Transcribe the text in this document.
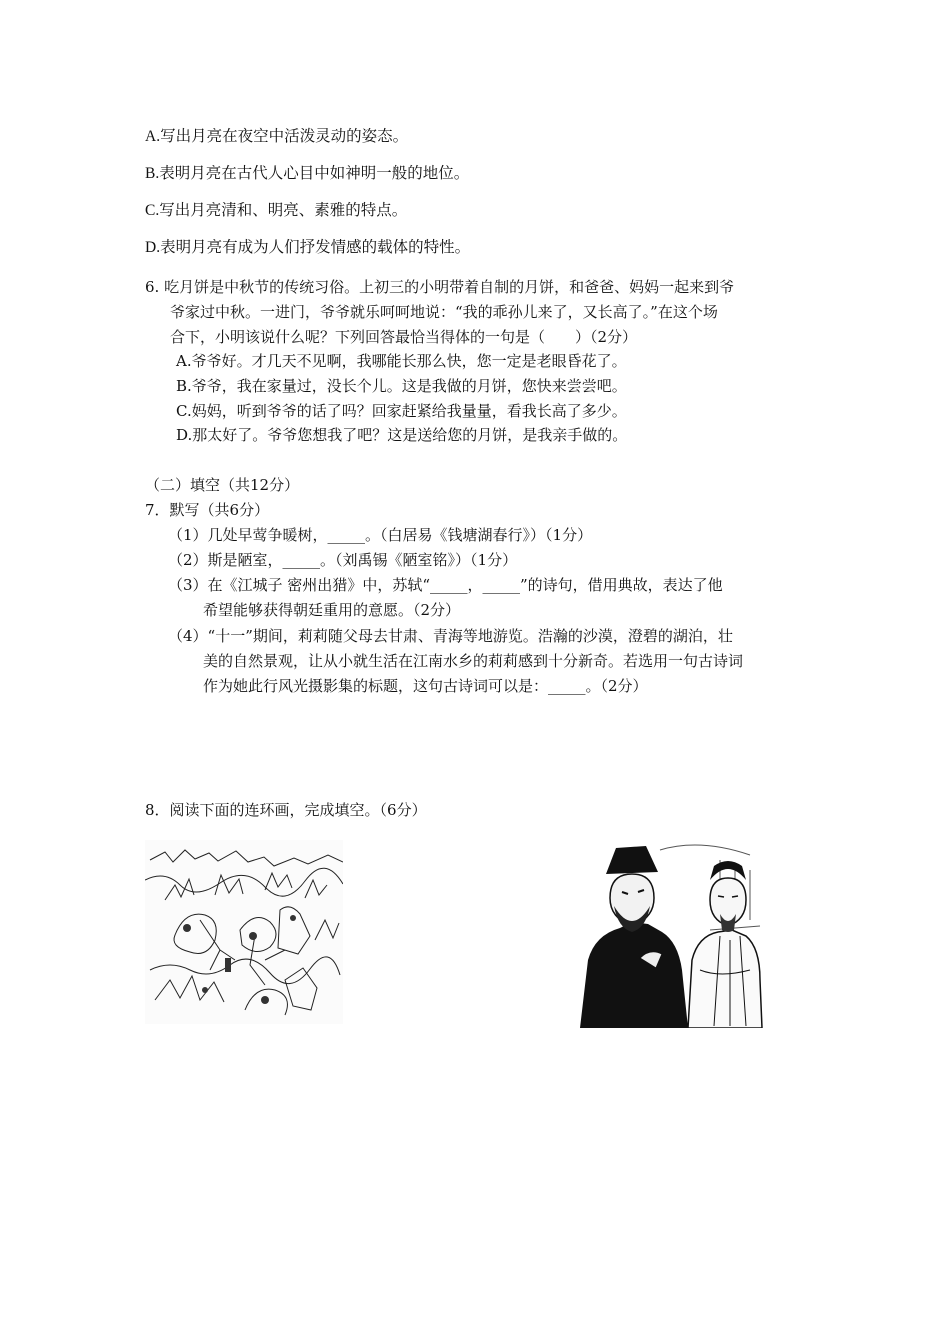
A.写出月亮在夜空中活泼灵动的姿态。
B.表明月亮在古代人心目中如神明一般的地位。
C.写出月亮清和、明亮、素雅的特点。
D.表明月亮有成为人们抒发情感的载体的特性。
6. 吃月饼是中秋节的传统习俗。上初三的小明带着自制的月饼，和爸爸、妈妈一起来到爷
爷家过中秋。一进门，爷爷就乐呵呵地说：“我的乖孙儿来了，又长高了。”在这个场
合下，小明该说什么呢？下列回答最恰当得体的一句是（　　）（2分）
A.爷爷好。才几天不见啊，我哪能长那么快，您一定是老眼昏花了。
B.爷爷，我在家量过，没长个儿。这是我做的月饼，您快来尝尝吧。
C.妈妈，听到爷爷的话了吗？回家赶紧给我量量，看我长高了多少。
D.那太好了。爷爷您想我了吧？这是送给您的月饼，是我亲手做的。
（二）填空（共12分）
7．默写（共6分）
（1）几处早莺争暖树，_____。（白居易《钱塘湖春行》）（1分）
（2）斯是陋室，_____。（刘禹锡《陋室铭》）（1分）
（3）在《江城子 密州出猎》中，苏轼“_____，_____”的诗句，借用典故，表达了他
希望能够获得朝廷重用的意愿。（2分）
（4）“十一”期间，莉莉随父母去甘肃、青海等地游览。浩瀚的沙漠，澄碧的湖泊，壮
美的自然景观，让从小就生活在江南水乡的莉莉感到十分新奇。若选用一句古诗词
作为她此行风光摄影集的标题，这句古诗词可以是：_____。（2分）
8．阅读下面的连环画，完成填空。（6分）
